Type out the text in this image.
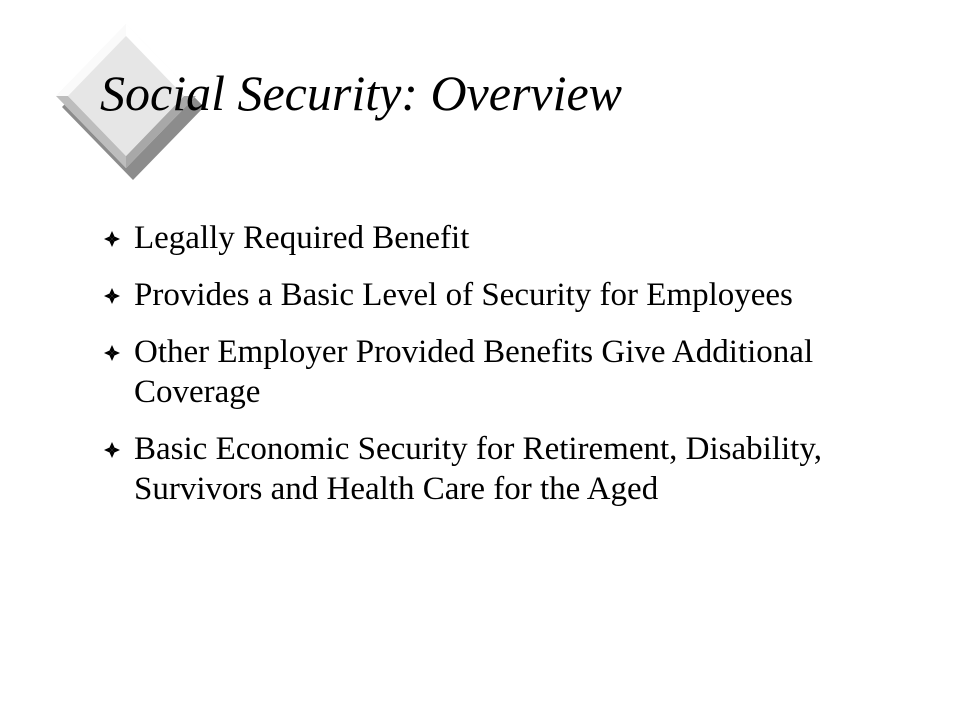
Social Security: Overview
Legally Required Benefit
Provides a Basic Level of Security for Employees
Other Employer Provided Benefits Give Additional Coverage
Basic Economic Security for Retirement, Disability, Survivors and Health Care for the Aged
